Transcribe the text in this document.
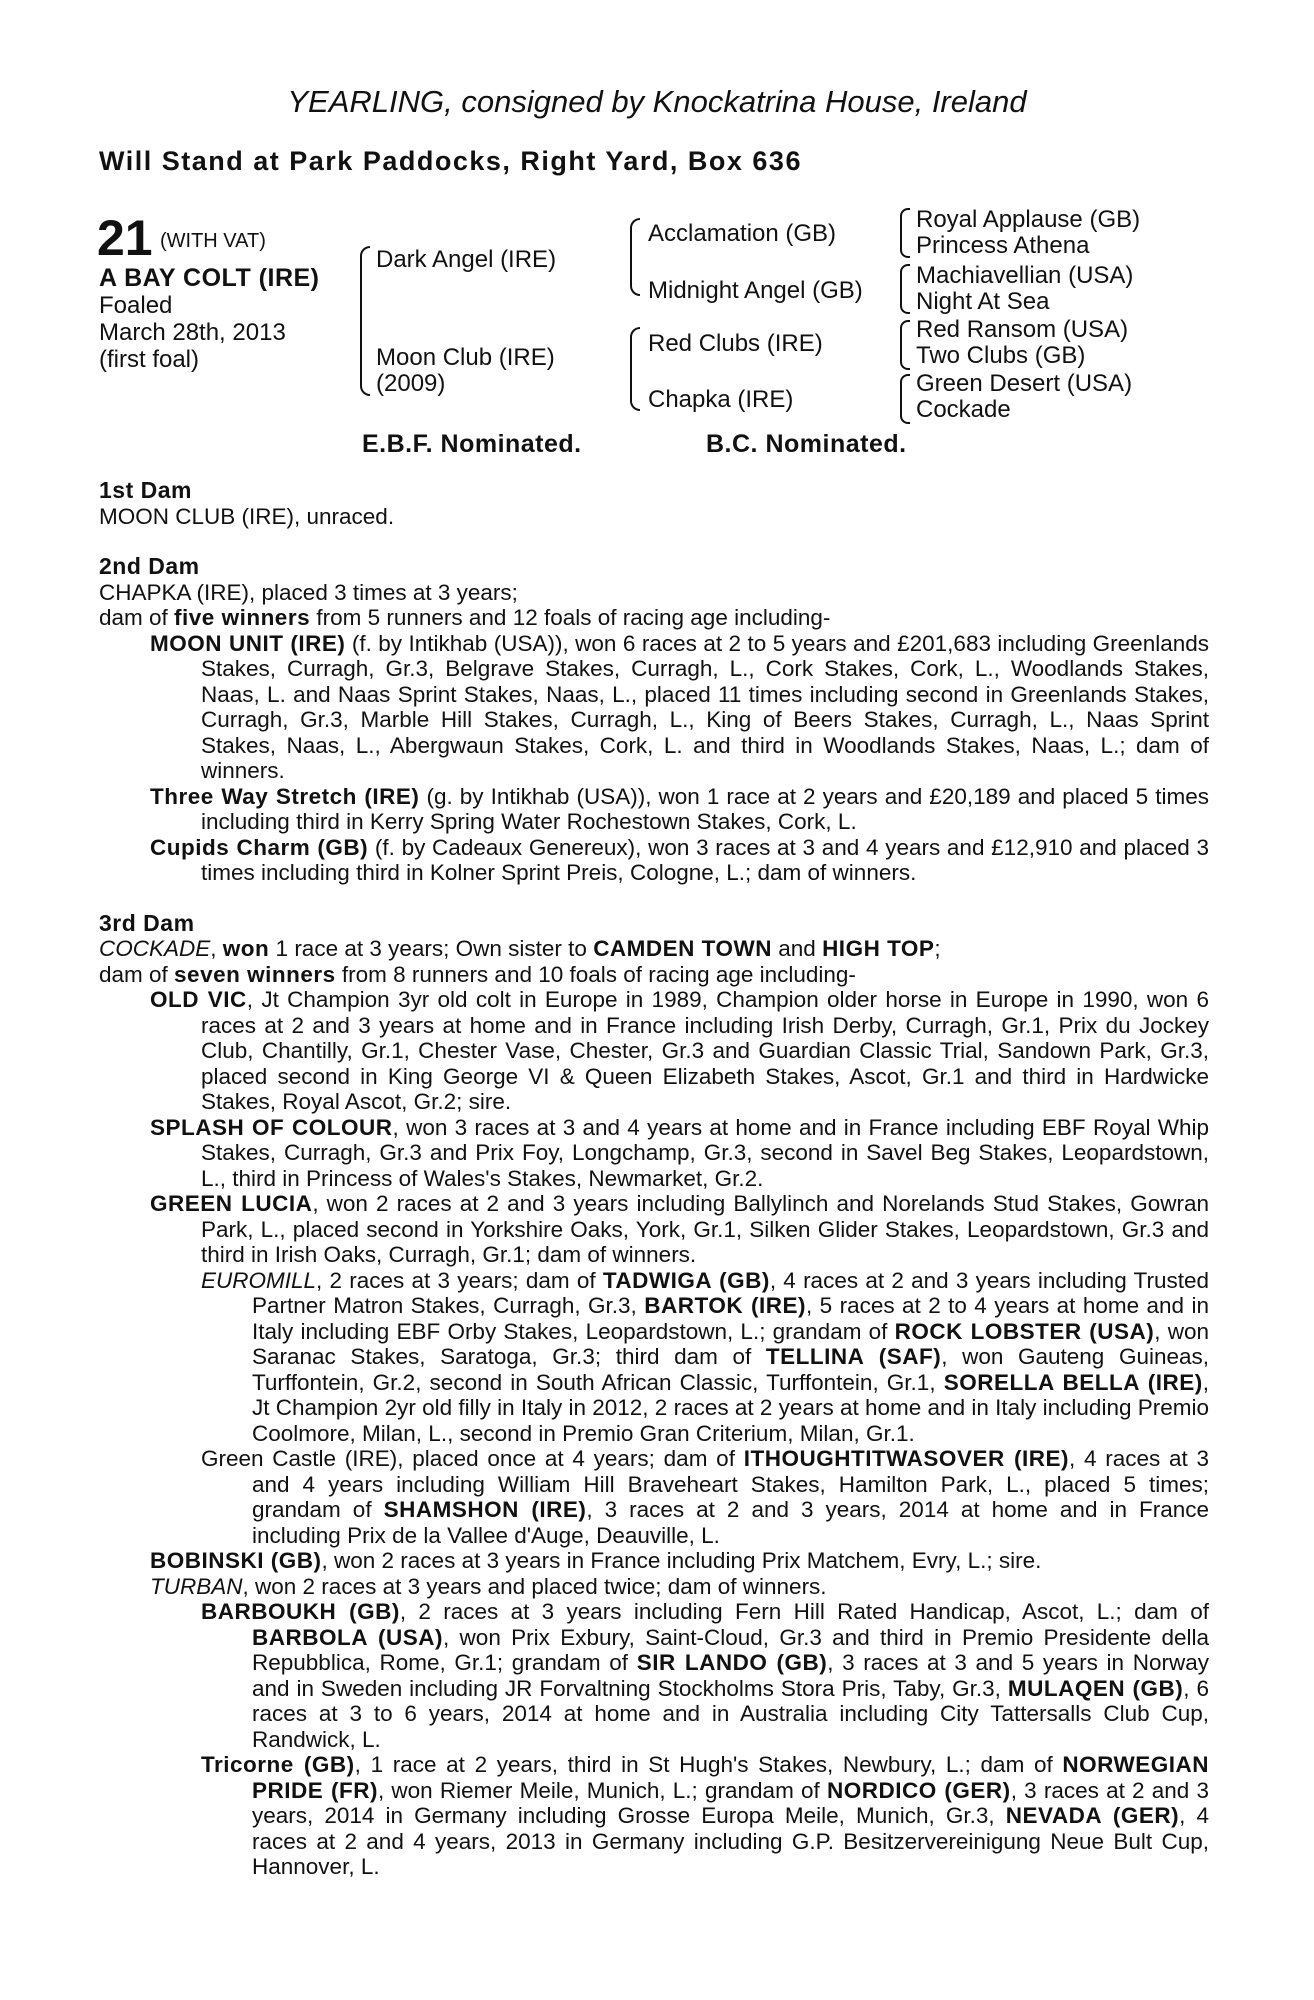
YEARLING, consigned by Knockatrina House, Ireland
Will Stand at Park Paddocks, Right Yard, Box 636
21 (WITH VAT)
A BAY COLT (IRE)
Foaled
March 28th, 2013
(first foal)
Dark Angel (IRE)
Moon Club (IRE)
(2009)
Acclamation (GB)
Midnight Angel (GB)
Red Clubs (IRE)
Chapka (IRE)
Royal Applause (GB)
Princess Athena
Machiavellian (USA)
Night At Sea
Red Ransom (USA)
Two Clubs (GB)
Green Desert (USA)
Cockade
E.B.F. Nominated.	B.C. Nominated.
1st Dam

MOON CLUB (IRE), unraced.

2nd Dam

CHAPKA (IRE), placed 3 times at 3 years;

dam of five winners from 5 runners and 12 foals of racing age including-

MOON UNIT (IRE) (f. by Intikhab (USA)), won 6 races at 2 to 5 years and £201,683 including Greenlands Stakes, Curragh, Gr.3, Belgrave Stakes, Curragh, L., Cork Stakes, Cork, L., Woodlands Stakes, Naas, L. and Naas Sprint Stakes, Naas, L., placed 11 times including second in Greenlands Stakes, Curragh, Gr.3, Marble Hill Stakes, Curragh, L., King of Beers Stakes, Curragh, L., Naas Sprint Stakes, Naas, L., Abergwaun Stakes, Cork, L. and third in Woodlands Stakes, Naas, L.; dam of winners.

Three Way Stretch (IRE) (g. by Intikhab (USA)), won 1 race at 2 years and £20,189 and placed 5 times including third in Kerry Spring Water Rochestown Stakes, Cork, L.

Cupids Charm (GB) (f. by Cadeaux Genereux), won 3 races at 3 and 4 years and £12,910 and placed 3 times including third in Kolner Sprint Preis, Cologne, L.; dam of winners.

3rd Dam

COCKADE, won 1 race at 3 years; Own sister to CAMDEN TOWN and HIGH TOP;

dam of seven winners from 8 runners and 10 foals of racing age including-

OLD VIC, Jt Champion 3yr old colt in Europe in 1989, Champion older horse in Europe in 1990, won 6 races at 2 and 3 years at home and in France including Irish Derby, Curragh, Gr.1, Prix du Jockey Club, Chantilly, Gr.1, Chester Vase, Chester, Gr.3 and Guardian Classic Trial, Sandown Park, Gr.3, placed second in King George VI & Queen Elizabeth Stakes, Ascot, Gr.1 and third in Hardwicke Stakes, Royal Ascot, Gr.2; sire.

SPLASH OF COLOUR, won 3 races at 3 and 4 years at home and in France including EBF Royal Whip Stakes, Curragh, Gr.3 and Prix Foy, Longchamp, Gr.3, second in Savel Beg Stakes, Leopardstown, L., third in Princess of Wales's Stakes, Newmarket, Gr.2.

GREEN LUCIA, won 2 races at 2 and 3 years including Ballylinch and Norelands Stud Stakes, Gowran Park, L., placed second in Yorkshire Oaks, York, Gr.1, Silken Glider Stakes, Leopardstown, Gr.3 and third in Irish Oaks, Curragh, Gr.1; dam of winners.

EUROMILL, 2 races at 3 years; dam of TADWIGA (GB), 4 races at 2 and 3 years including Trusted Partner Matron Stakes, Curragh, Gr.3, BARTOK (IRE), 5 races at 2 to 4 years at home and in Italy including EBF Orby Stakes, Leopardstown, L.; grandam of ROCK LOBSTER (USA), won Saranac Stakes, Saratoga, Gr.3; third dam of TELLINA (SAF), won Gauteng Guineas, Turffontein, Gr.2, second in South African Classic, Turffontein, Gr.1, SORELLA BELLA (IRE), Jt Champion 2yr old filly in Italy in 2012, 2 races at 2 years at home and in Italy including Premio Coolmore, Milan, L., second in Premio Gran Criterium, Milan, Gr.1.

Green Castle (IRE), placed once at 4 years; dam of ITHOUGHTITWASOVER (IRE), 4 races at 3 and 4 years including William Hill Braveheart Stakes, Hamilton Park, L., placed 5 times; grandam of SHAMSHON (IRE), 3 races at 2 and 3 years, 2014 at home and in France including Prix de la Vallee d'Auge, Deauville, L.

BOBINSKI (GB), won 2 races at 3 years in France including Prix Matchem, Evry, L.; sire.

TURBAN, won 2 races at 3 years and placed twice; dam of winners.

BARBOUKH (GB), 2 races at 3 years including Fern Hill Rated Handicap, Ascot, L.; dam of BARBOLA (USA), won Prix Exbury, Saint-Cloud, Gr.3 and third in Premio Presidente della Repubblica, Rome, Gr.1; grandam of SIR LANDO (GB), 3 races at 3 and 5 years in Norway and in Sweden including JR Forvaltning Stockholms Stora Pris, Taby, Gr.3, MULAQEN (GB), 6 races at 3 to 6 years, 2014 at home and in Australia including City Tattersalls Club Cup, Randwick, L.

Tricorne (GB), 1 race at 2 years, third in St Hugh's Stakes, Newbury, L.; dam of NORWEGIAN PRIDE (FR), won Riemer Meile, Munich, L.; grandam of NORDICO (GER), 3 races at 2 and 3 years, 2014 in Germany including Grosse Europa Meile, Munich, Gr.3, NEVADA (GER), 4 races at 2 and 4 years, 2013 in Germany including G.P. Besitzervereinigung Neue Bult Cup, Hannover, L.
